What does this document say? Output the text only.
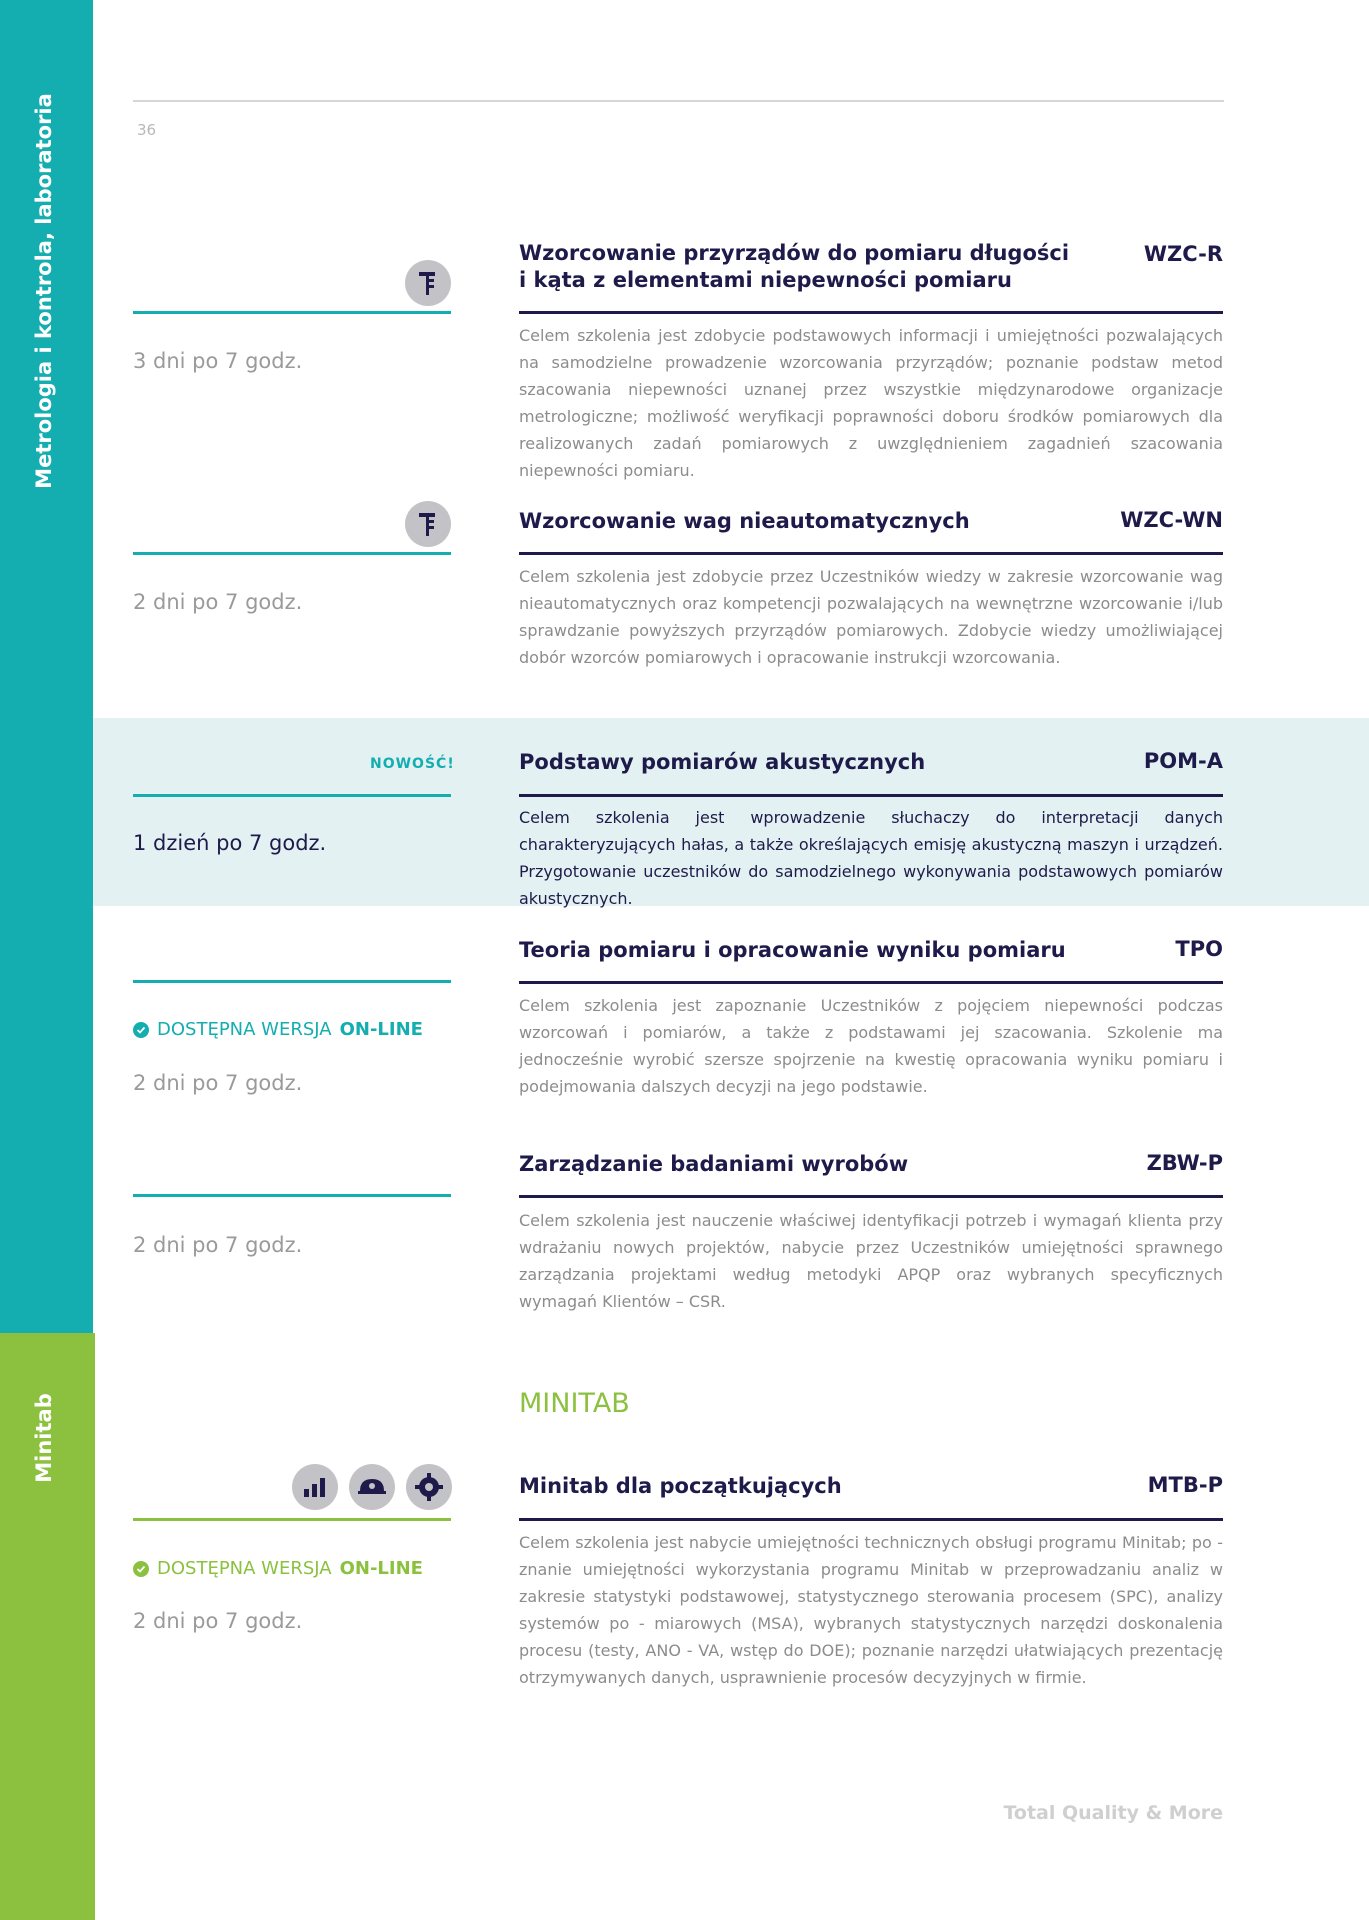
Metrologia i kontrola, laboratoria
Minitab
36
3 dni po 7 godz.
Wzorcowanie przyrządów do pomiaru długości
i kąta z elementami niepewności pomiaru
WZC-R
Celem szkolenia jest zdobycie podstawowych informacji i umiejętności pozwalających na samodzielne prowadzenie wzorcowania przyrządów; poznanie podstaw metod szacowania niepewności uznanej przez wszystkie międzynarodowe organizacje metrologiczne; możliwość weryfikacji poprawności doboru środków pomiarowych dla realizowanych zadań pomiarowych z uwzględnieniem zagadnień szacowania niepewności pomiaru.
2 dni po 7 godz.
Wzorcowanie wag nieautomatycznych	WZC-WN
Celem szkolenia jest zdobycie przez Uczestników wiedzy w zakresie wzorcowanie wag nieautomatycznych oraz kompetencji pozwalających na wewnętrzne wzorcowanie i/lub sprawdzanie powyższych przyrządów pomiarowych. Zdobycie wiedzy umożliwiającej dobór wzorców pomiarowych i opracowanie instrukcji wzorcowania.
NOWOŚĆ!
1 dzień po 7 godz.
Podstawy pomiarów akustycznych	POM-A
Celem szkolenia jest wprowadzenie słuchaczy do interpretacji danych charakteryzujących hałas, a także określających emisję akustyczną maszyn i urządzeń. Przygotowanie uczestników do samodzielnego wykonywania podstawowych pomiarów akustycznych.
DOSTĘPNA WERSJA ON-LINE
2 dni po 7 godz.
Teoria pomiaru i opracowanie wyniku pomiaru	TPO
Celem szkolenia jest zapoznanie Uczestników z pojęciem niepewności podczas wzorcowań i pomiarów, a także z podstawami jej szacowania. Szkolenie ma jednocześnie wyrobić szersze spojrzenie na kwestię opracowania wyniku pomiaru i podejmowania dalszych decyzji na jego podstawie.
2 dni po 7 godz.
Zarządzanie badaniami wyrobów	ZBW-P
Celem szkolenia jest nauczenie właściwej identyfikacji potrzeb i wymagań klienta przy wdrażaniu nowych projektów, nabycie przez Uczestników umiejętności sprawnego zarządzania projektami według metodyki APQP oraz wybranych specyficznych wymagań Klientów – CSR.
MINITAB
DOSTĘPNA WERSJA ON-LINE
2 dni po 7 godz.
Minitab dla początkujących	MTB-P
Celem szkolenia jest nabycie umiejętności technicznych obsługi programu Minitab; po - znanie umiejętności wykorzystania programu Minitab w przeprowadzaniu analiz w zakresie statystyki podstawowej, statystycznego sterowania procesem (SPC), analizy systemów po - miarowych (MSA), wybranych statystycznych narzędzi doskonalenia procesu (testy, ANO - VA, wstęp do DOE); poznanie narzędzi ułatwiających prezentację otrzymywanych danych, usprawnienie procesów decyzyjnych w firmie.
Total Quality & More
